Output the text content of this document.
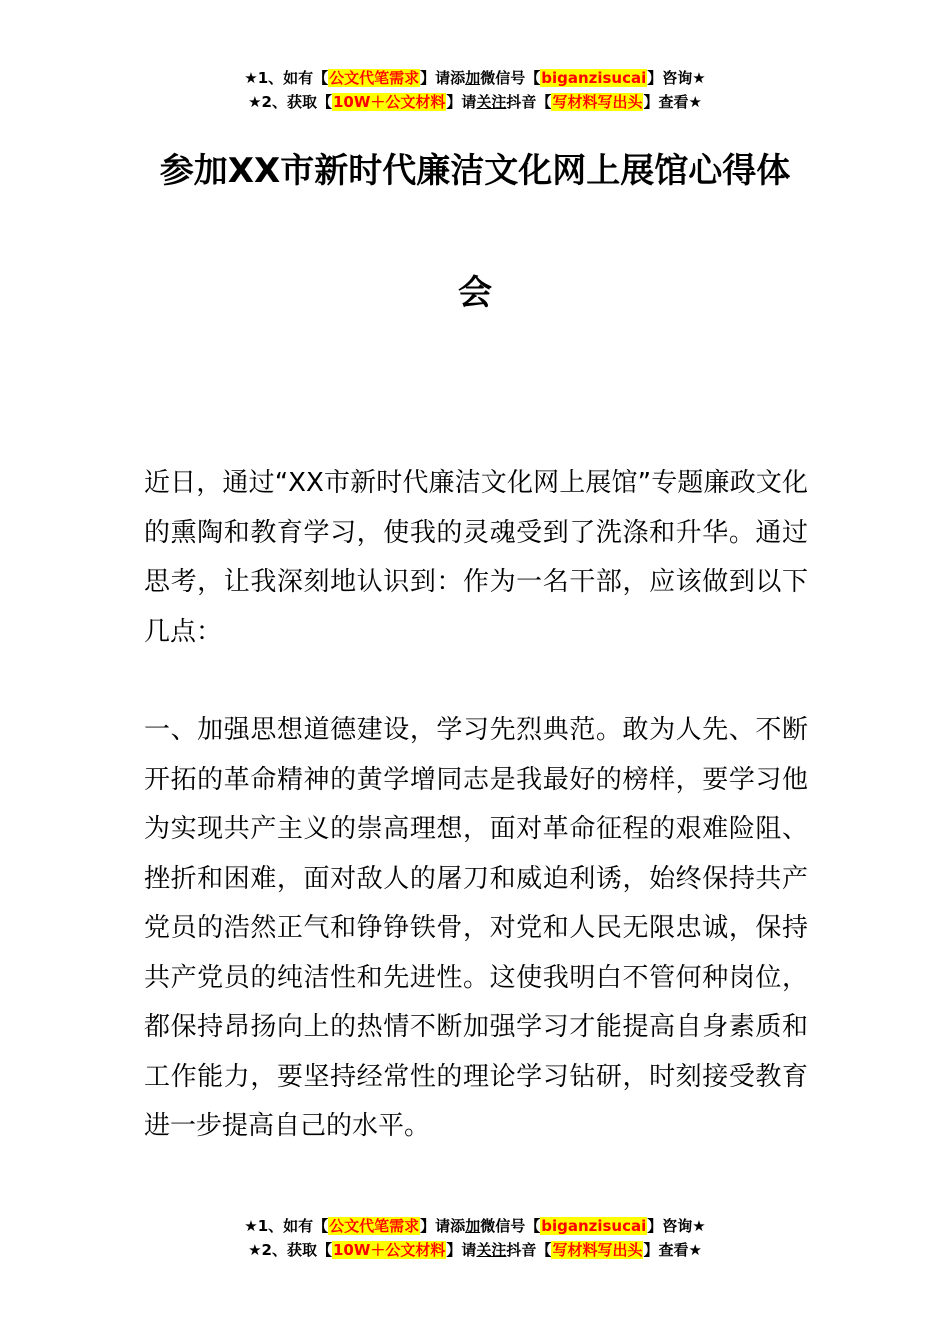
★1、如有【公文代笔需求】请添加微信号【biganzisucai】咨询★
★2、获取【10W＋公文材料】请关注抖音【写材料写出头】查看★
参加XX市新时代廉洁文化网上展馆心得体
会

近日，通过“XX市新时代廉洁文化网上展馆”专题廉政文化的熏陶和教育学习，使我的灵魂受到了洗涤和升华。通过思考，让我深刻地认识到：作为一名干部，应该做到以下几点：

一、加强思想道德建设，学习先烈典范。敢为人先、不断开拓的革命精神的黄学增同志是我最好的榜样，要学习他为实现共产主义的崇高理想，面对革命征程的艰难险阻、挫折和困难，面对敌人的屠刀和威迫利诱，始终保持共产党员的浩然正气和铮铮铁骨，对党和人民无限忠诚，保持共产党员的纯洁性和先进性。这使我明白不管何种岗位，都保持昂扬向上的热情不断加强学习才能提高自身素质和工作能力，要坚持经常性的理论学习钻研，时刻接受教育进一步提高自己的水平。

★1、如有【公文代笔需求】请添加微信号【biganzisucai】咨询★
★2、获取【10W＋公文材料】请关注抖音【写材料写出头】查看★
